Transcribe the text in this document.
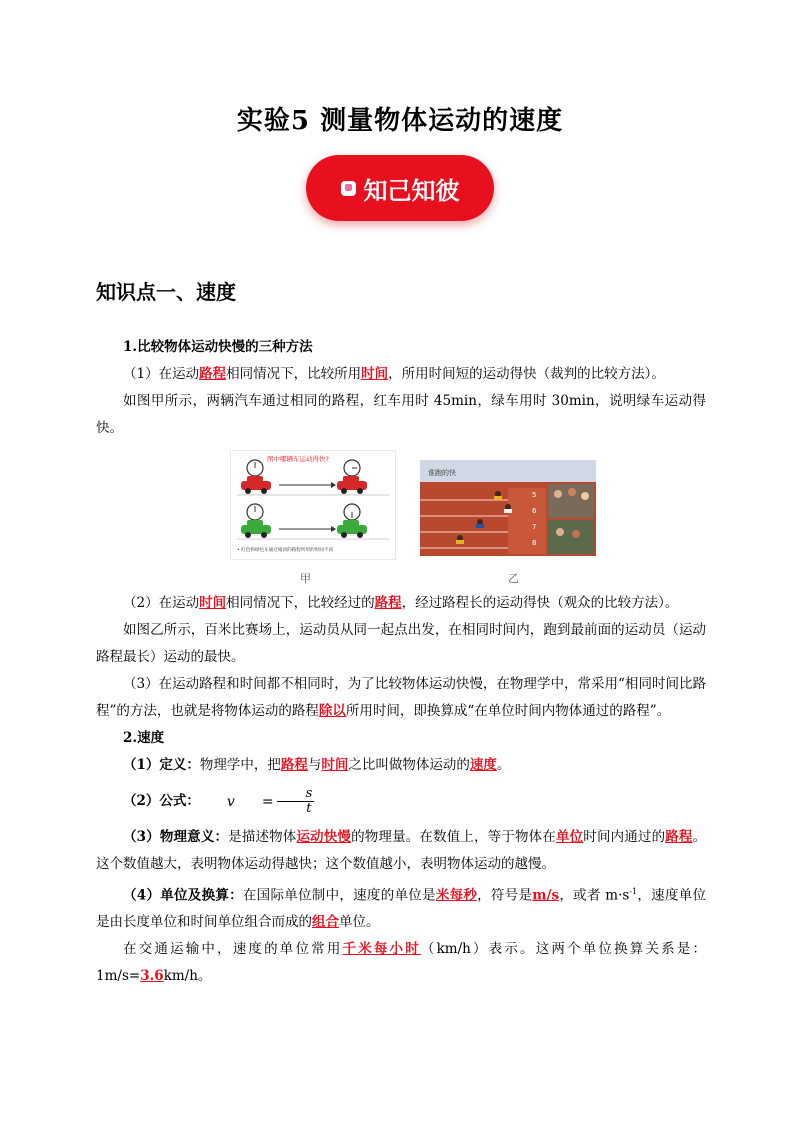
实验5 测量物体运动的速度
知己知彼
知识点一、速度

1.比较物体运动快慢的三种方法

（1）在运动路程相同情况下，比较所用时间，所用时间短的运动得快（裁判的比较方法）。

如图甲所示，两辆汽车通过相同的路程，红车用时 45min，绿车用时 30min，说明绿车运动得快。

图中哪辆车运动得快?
• 红色和绿色车通过相同的路程所用的时间不同
谁跑的快
5
6
7
8
甲	乙

（2）在运动时间相同情况下，比较经过的路程，经过路程长的运动得快（观众的比较方法）。

如图乙所示，百米比赛场上，运动员从同一起点出发，在相同时间内，跑到最前面的运动员（运动路程最长）运动的最快。

（3）在运动路程和时间都不相同时，为了比较物体运动快慢，在物理学中，常采用“相同时间比路程”的方法，也就是将物体运动的路程除以所用时间，即换算成“在单位时间内物体通过的路程”。

2.速度

（1）定义：物理学中，把路程与时间之比叫做物体运动的速度。

（2）公式：	v	= $\frac{s}{t}$

（3）物理意义：是描述物体运动快慢的物理量。在数值上，等于物体在单位时间内通过的路程。这个数值越大，表明物体运动得越快；这个数值越小，表明物体运动的越慢。

（4）单位及换算：在国际单位制中，速度的单位是米每秒，符号是m/s，或者 $m\cdot s^{-1}$，速度单位是由长度单位和时间单位组合而成的组合单位。

在交通运输中，速度的单位常用千米每小时（km/h）表示。这两个单位换算关系是：1m/s=3.6km/h。
